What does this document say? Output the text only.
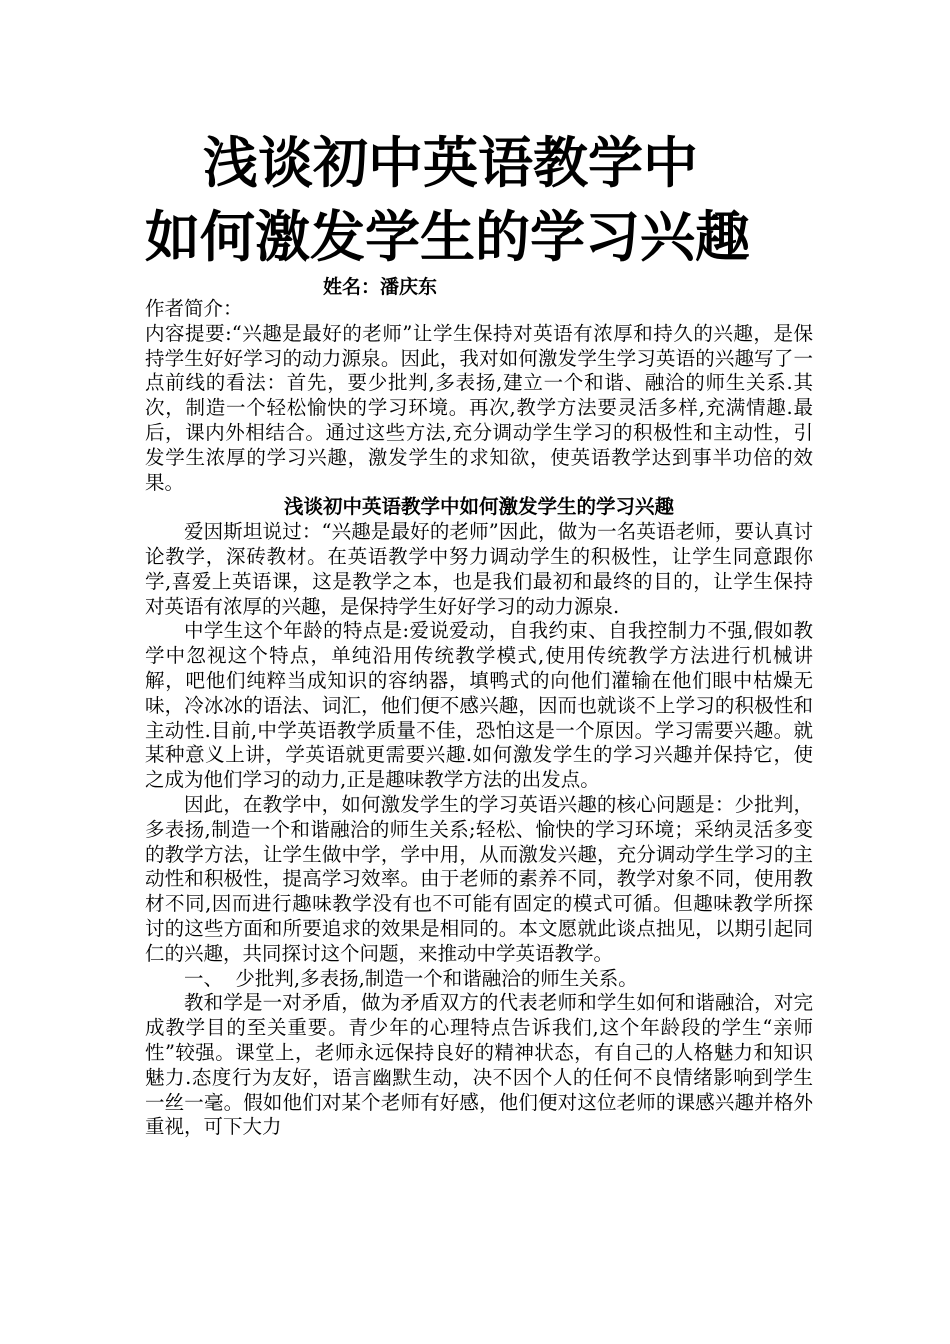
浅谈初中英语教学中
如何激发学生的学习兴趣
姓名：潘庆东

作者简介：

内容提要:“兴趣是最好的老师”让学生保持对英语有浓厚和持久的兴趣，是保持学生好好学习的动力源泉。因此，我对如何激发学生学习英语的兴趣写了一点前线的看法：首先，要少批判,多表扬,建立一个和谐、融洽的师生关系.其次，制造一个轻松愉快的学习环境。再次,教学方法要灵活多样,充满情趣.最后，课内外相结合。通过这些方法,充分调动学生学习的积极性和主动性，引发学生浓厚的学习兴趣，激发学生的求知欲，使英语教学达到事半功倍的效果。

浅谈初中英语教学中如何激发学生的学习兴趣

爱因斯坦说过：“兴趣是最好的老师”因此，做为一名英语老师，要认真讨论教学，深砖教材。在英语教学中努力调动学生的积极性，让学生同意跟你学,喜爱上英语课，这是教学之本，也是我们最初和最终的目的，让学生保持对英语有浓厚的兴趣，是保持学生好好学习的动力源泉.

中学生这个年龄的特点是:爱说爱动，自我约束、自我控制力不强,假如教学中忽视这个特点，单纯沿用传统教学模式,使用传统教学方法进行机械讲解，吧他们纯粹当成知识的容纳器，填鸭式的向他们灌输在他们眼中枯燥无味，冷冰冰的语法、词汇，他们便不感兴趣，因而也就谈不上学习的积极性和主动性.目前,中学英语教学质量不佳，恐怕这是一个原因。学习需要兴趣。就某种意义上讲，学英语就更需要兴趣.如何激发学生的学习兴趣并保持它，使之成为他们学习的动力,正是趣味教学方法的出发点。

因此，在教学中，如何激发学生的学习英语兴趣的核心问题是：少批判，多表扬,制造一个和谐融洽的师生关系;轻松、愉快的学习环境；采纳灵活多变的教学方法，让学生做中学，学中用，从而激发兴趣，充分调动学生学习的主动性和积极性，提高学习效率。由于老师的素养不同，教学对象不同，使用教材不同,因而进行趣味教学没有也不可能有固定的模式可循。但趣味教学所探讨的这些方面和所要追求的效果是相同的。本文愿就此谈点拙见，以期引起同仁的兴趣，共同探讨这个问题，来推动中学英语教学。

一、  少批判,多表扬,制造一个和谐融洽的师生关系。

教和学是一对矛盾，做为矛盾双方的代表老师和学生如何和谐融洽，对完成教学目的至关重要。青少年的心理特点告诉我们,这个年龄段的学生“亲师性”较强。课堂上，老师永远保持良好的精神状态，有自己的人格魅力和知识魅力.态度行为友好，语言幽默生动，决不因个人的任何不良情绪影响到学生一丝一毫。假如他们对某个老师有好感，他们便对这位老师的课感兴趣并格外重视，可下大力
